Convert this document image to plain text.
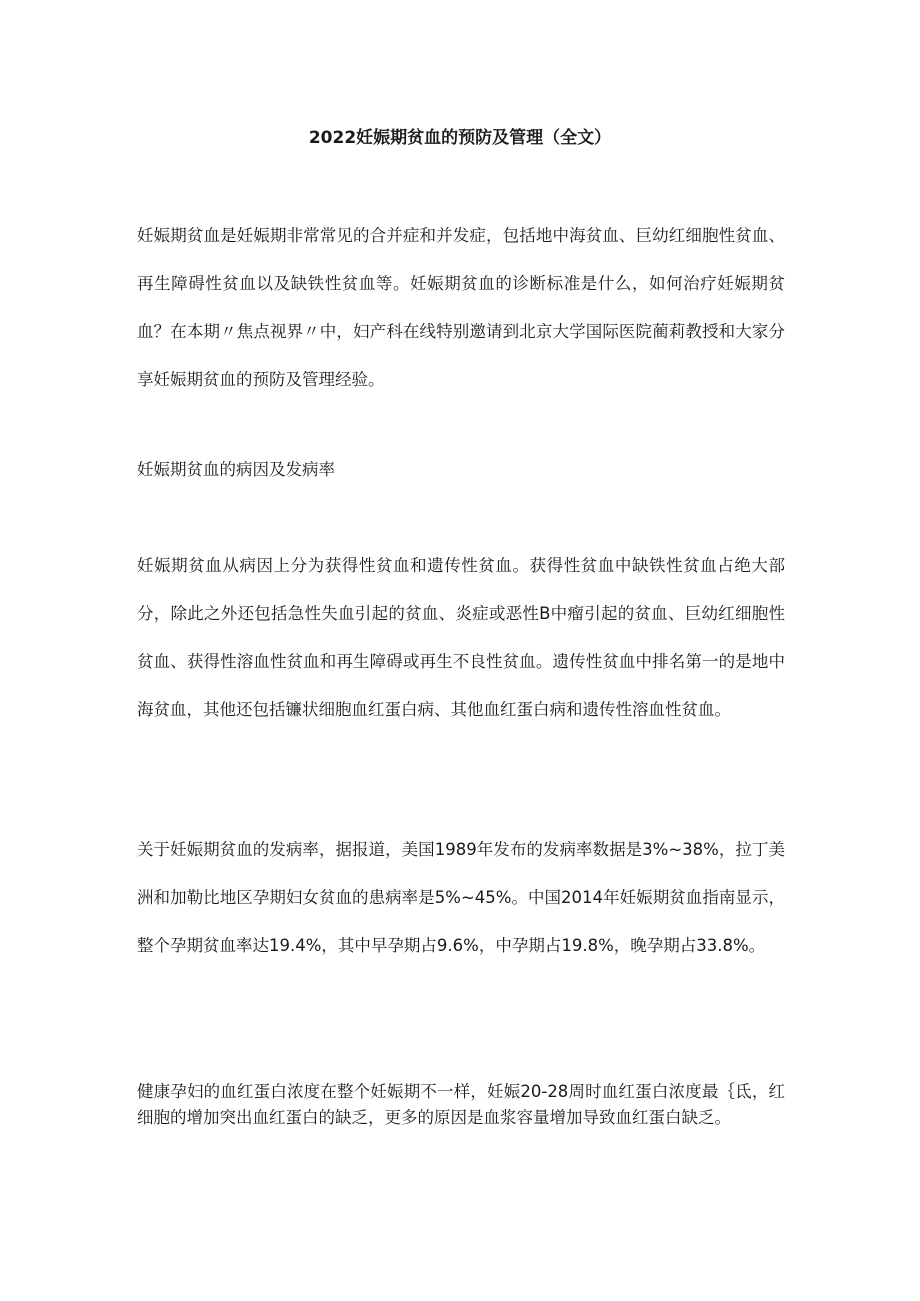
2022妊娠期贫血的预防及管理（全文）

妊娠期贫血是妊娠期非常常见的合并症和并发症，包括地中海贫血、巨幼红细胞性贫血、再生障碍性贫血以及缺铁性贫血等。妊娠期贫血的诊断标准是什么，如何治疗妊娠期贫血？在本期〃焦点视界〃中，妇产科在线特别邀请到北京大学国际医院蔺莉教授和大家分享妊娠期贫血的预防及管理经验。

妊娠期贫血的病因及发病率

妊娠期贫血从病因上分为获得性贫血和遗传性贫血。获得性贫血中缺铁性贫血占绝大部分，除此之外还包括急性失血引起的贫血、炎症或恶性B中瘤引起的贫血、巨幼红细胞性贫血、获得性溶血性贫血和再生障碍或再生不良性贫血。遗传性贫血中排名第一的是地中海贫血，其他还包括镰状细胞血红蛋白病、其他血红蛋白病和遗传性溶血性贫血。

关于妊娠期贫血的发病率，据报道，美国1989年发布的发病率数据是3%~38%，拉丁美洲和加勒比地区孕期妇女贫血的患病率是5%~45%。中国2014年妊娠期贫血指南显示，整个孕期贫血率达19.4%，其中早孕期占9.6%，中孕期占19.8%，晚孕期占33.8%。

健康孕妇的血红蛋白浓度在整个妊娠期不一样，妊娠20-28周时血红蛋白浓度最｛氐，红细胞的增加突出血红蛋白的缺乏，更多的原因是血浆容量增加导致血红蛋白缺乏。
